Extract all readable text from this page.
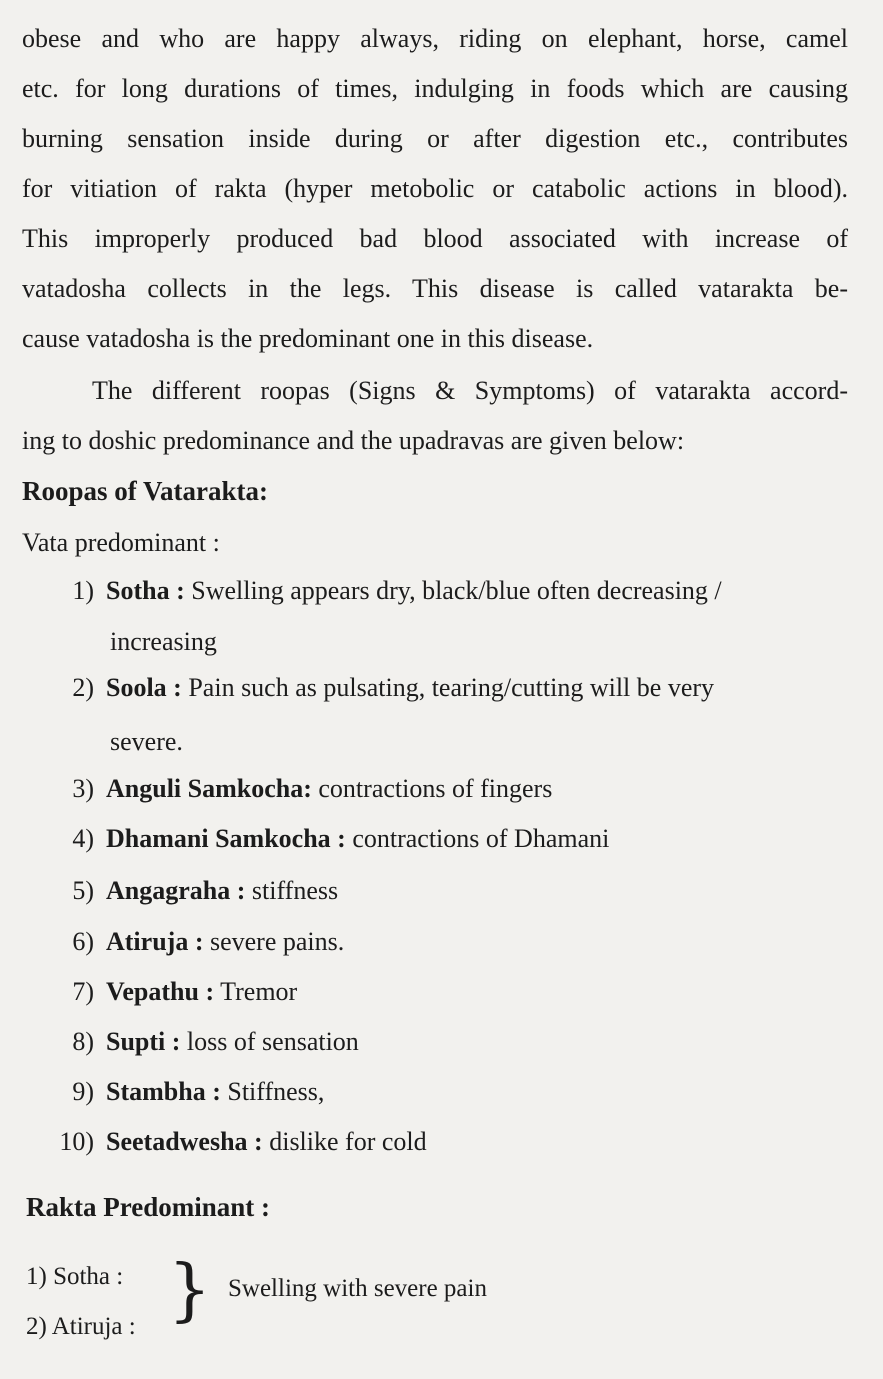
obese and who are happy always, riding on elephant, horse, camel
etc. for long durations of times, indulging in foods which are causing
burning sensation inside during or after digestion etc., contributes
for vitiation of rakta (hyper metobolic or catabolic actions in blood).
This improperly produced bad blood associated with increase of
vatadosha collects in the legs. This disease is called vatarakta be-
cause vatadosha is the predominant one in this disease.
The different roopas (Signs & Symptoms) of vatarakta accord-
ing to doshic predominance and the upadravas are given below:
Roopas of Vatarakta:
Vata predominant :
1) Sotha : Swelling appears dry, black/blue often decreasing /
increasing
2) Soola : Pain such as pulsating, tearing/cutting will be very
severe.
3) Anguli Samkocha: contractions of fingers
4) Dhamani Samkocha : contractions of Dhamani
5) Angagraha : stiffness
6) Atiruja : severe pains.
7) Vepathu : Tremor
8) Supti : loss of sensation
9) Stambha : Stiffness,
10) Seetadwesha : dislike for cold
Rakta Predominant :
1) Sotha :
2) Atiruja : } Swelling with severe pain
